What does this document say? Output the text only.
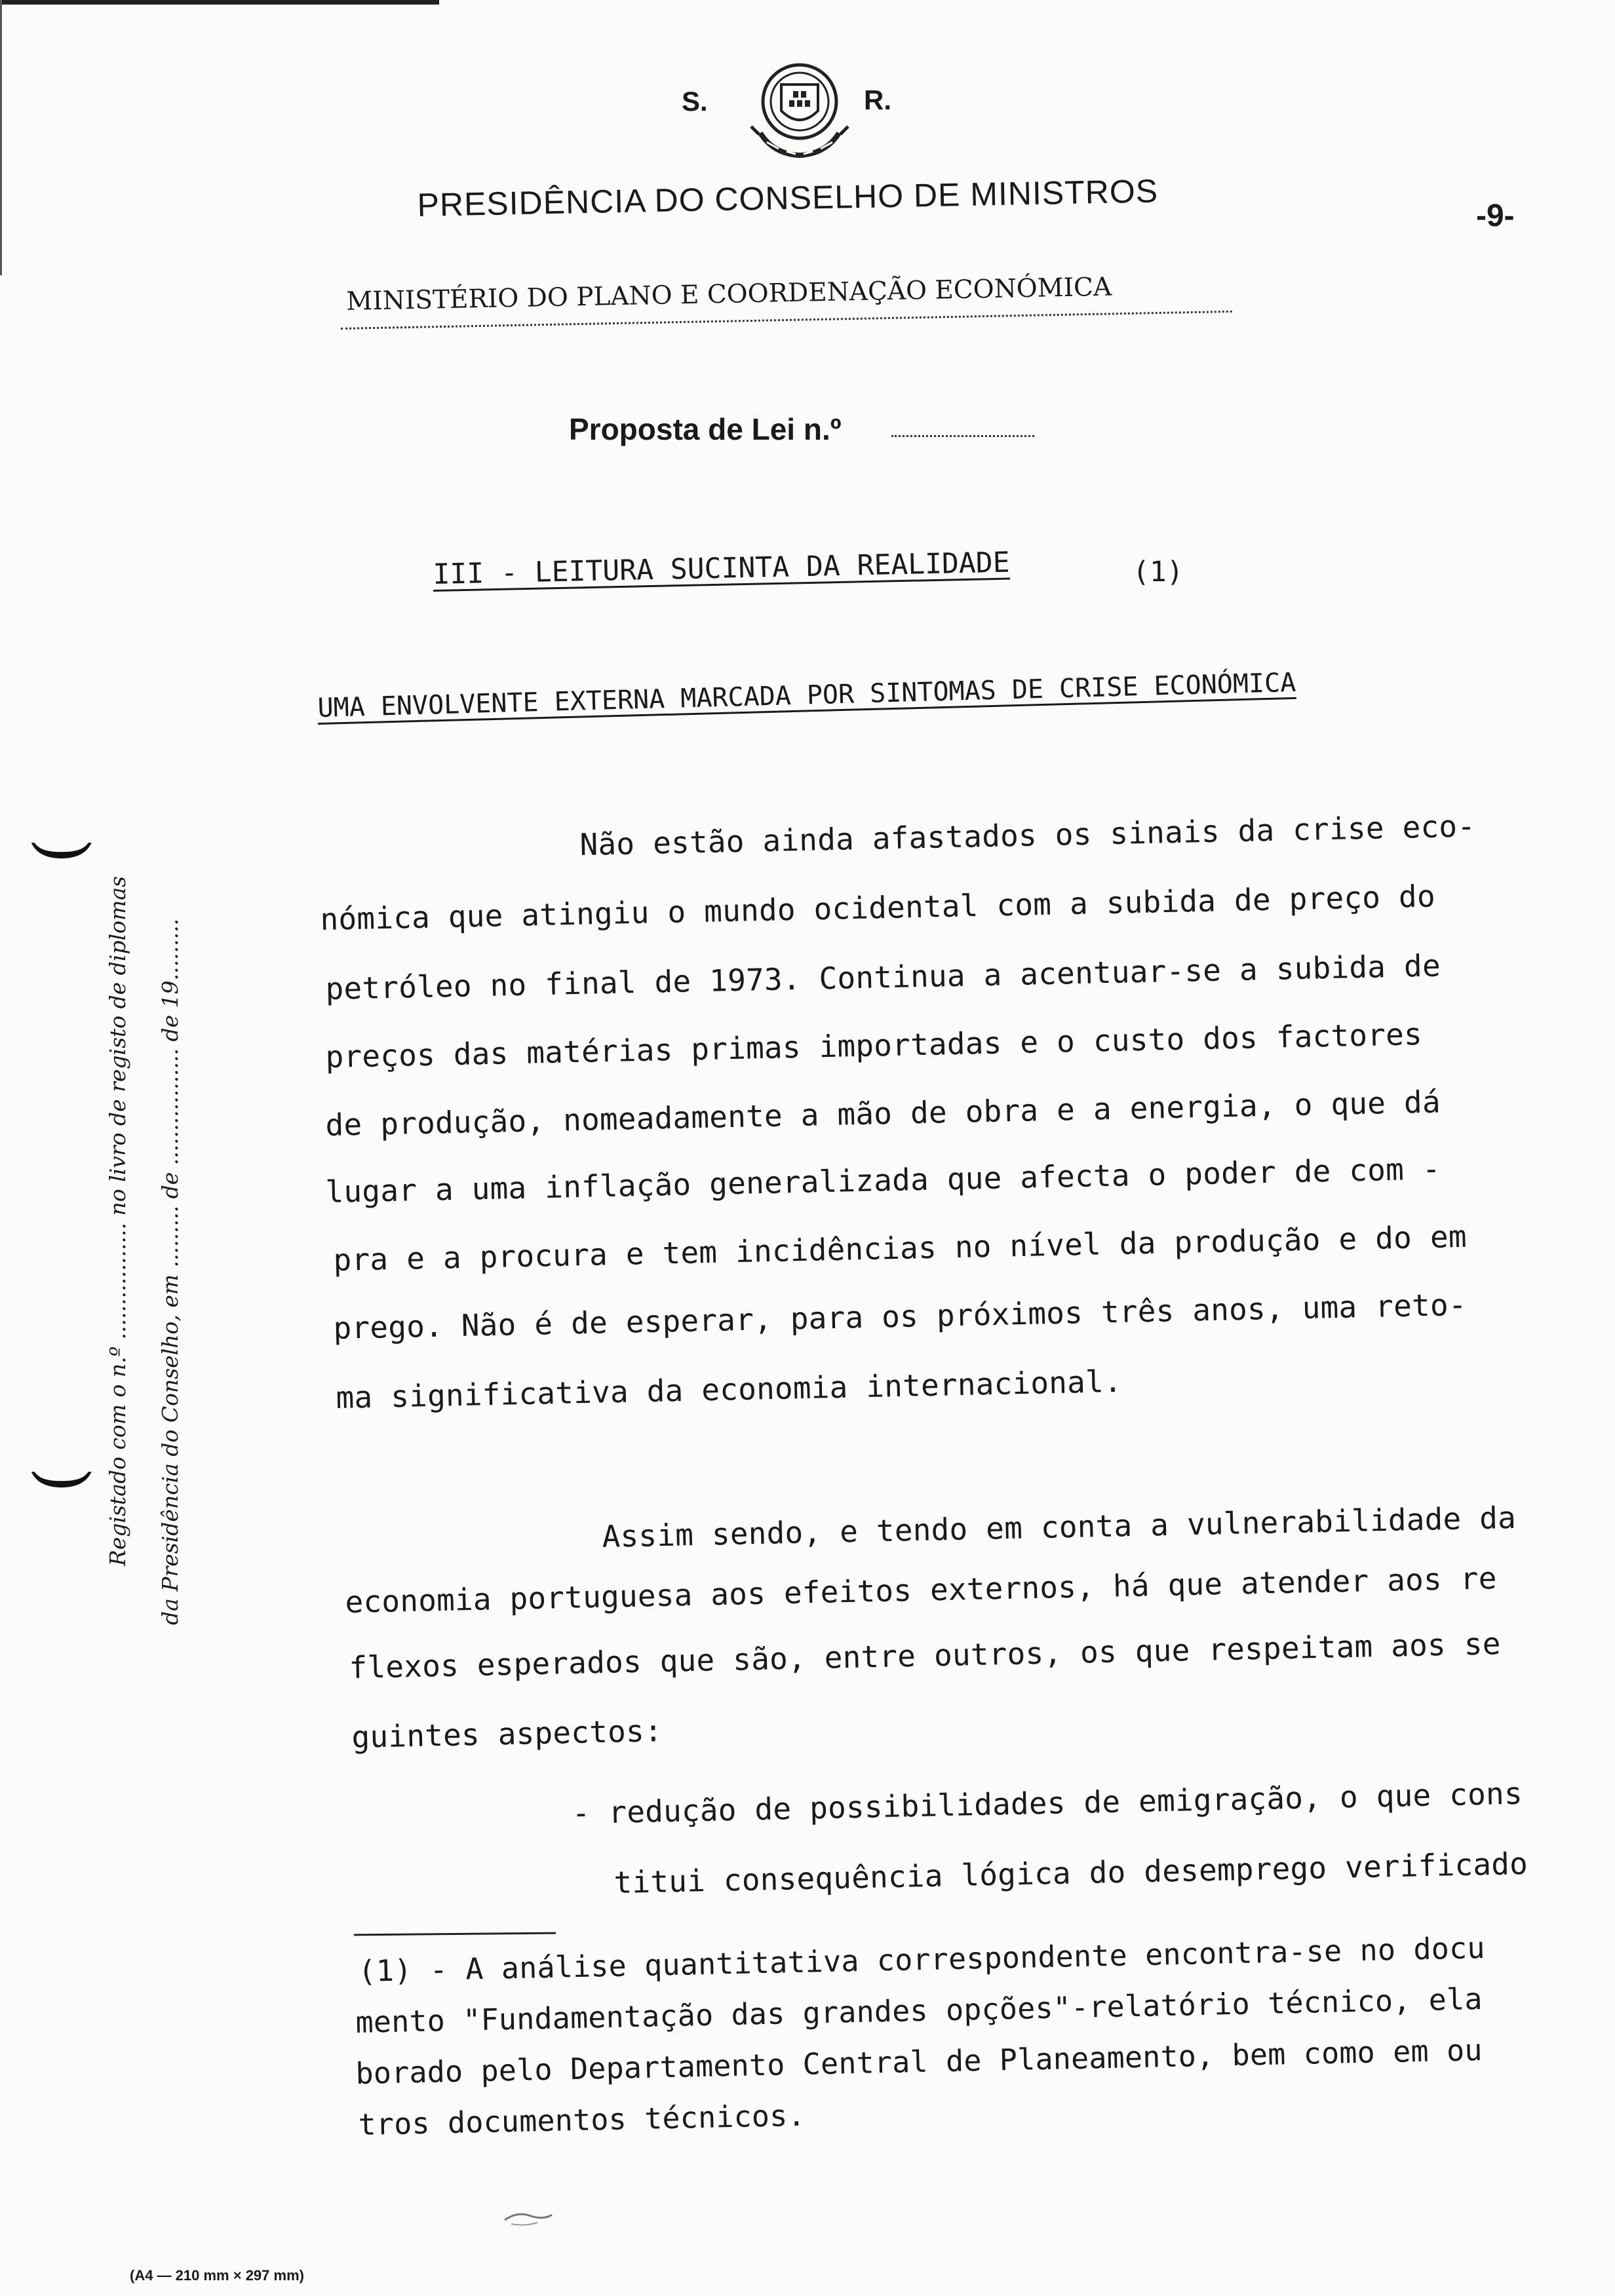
S.	R.
PRESIDÊNCIA DO CONSELHO DE MINISTROS	-9-
MINISTÉRIO DO PLANO E COORDENAÇÃO ECONÓMICA
Proposta de Lei n.º
III - LEITURA SUCINTA DA REALIDADE	(1)
UMA ENVOLVENTE EXTERNA MARCADA POR SINTOMAS DE CRISE ECONÓMICA
Não estão ainda afastados os sinais da crise eco-
nómica que atingiu o mundo ocidental com a subida de preço do
petróleo no final de 1973. Continua a acentuar-se a subida de
preços das matérias primas importadas e o custo dos factores
de produção, nomeadamente a mão de obra e a energia, o que dá
lugar a uma inflação generalizada que afecta o poder de com -
pra e a procura e tem incidências no nível da produção e do em
prego. Não é de esperar, para os próximos três anos, uma reto-
ma significativa da economia internacional.
Assim sendo, e tendo em conta a vulnerabilidade da
economia portuguesa aos efeitos externos, há que atender aos re
flexos esperados que são, entre outros, os que respeitam aos se
guintes aspectos:
- redução de possibilidades de emigração, o que cons
titui consequência lógica do desemprego verificado
(1) - A análise quantitativa correspondente encontra-se no docu
mento "Fundamentação das grandes opções"-relatório técnico, ela
borado pelo Departamento Central de Planeamento, bem como em ou
tros documentos técnicos.
(
(
Registado com o n.º ................. no livro de registo de diplomas da Presidência do Conselho, em ......... de ................. de 19.........
(A4 — 210 mm × 297 mm)
